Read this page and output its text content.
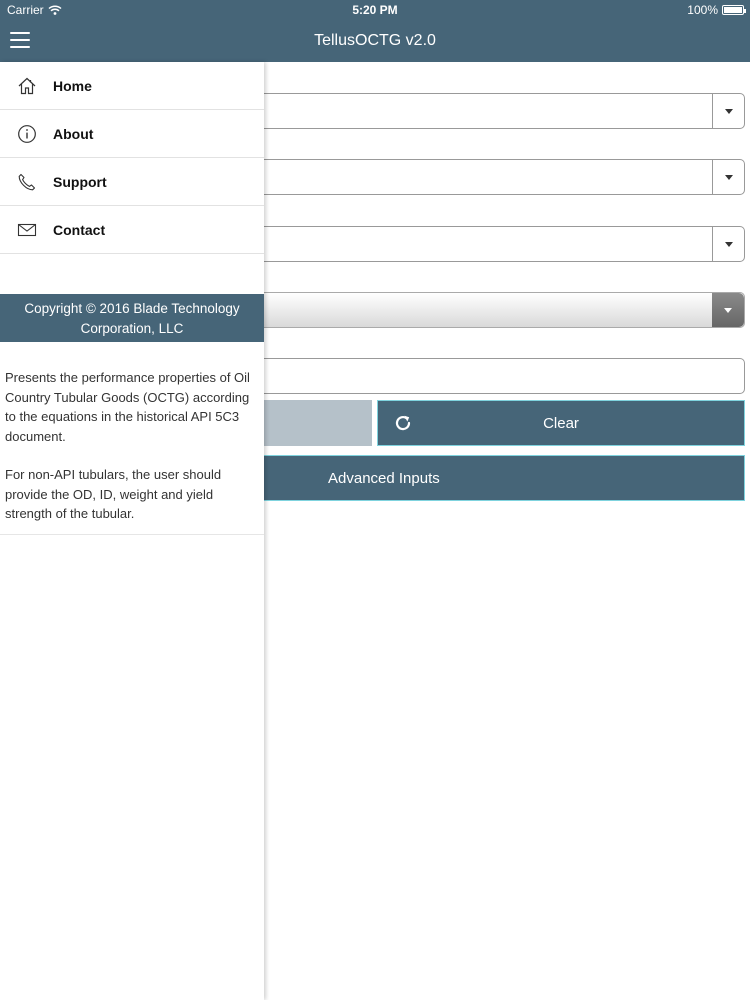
Carrier	5:20 PM	100%
TellusOCTG v2.0
Clear
Advanced Inputs
Home
About
Support
Contact
Copyright © 2016 Blade Technology Corporation, LLC

Presents the performance properties of Oil Country Tubular Goods (OCTG) according to the equations in the historical API 5C3 document.

For non-API tubulars, the user should provide the OD, ID, weight and yield strength of the tubular.
